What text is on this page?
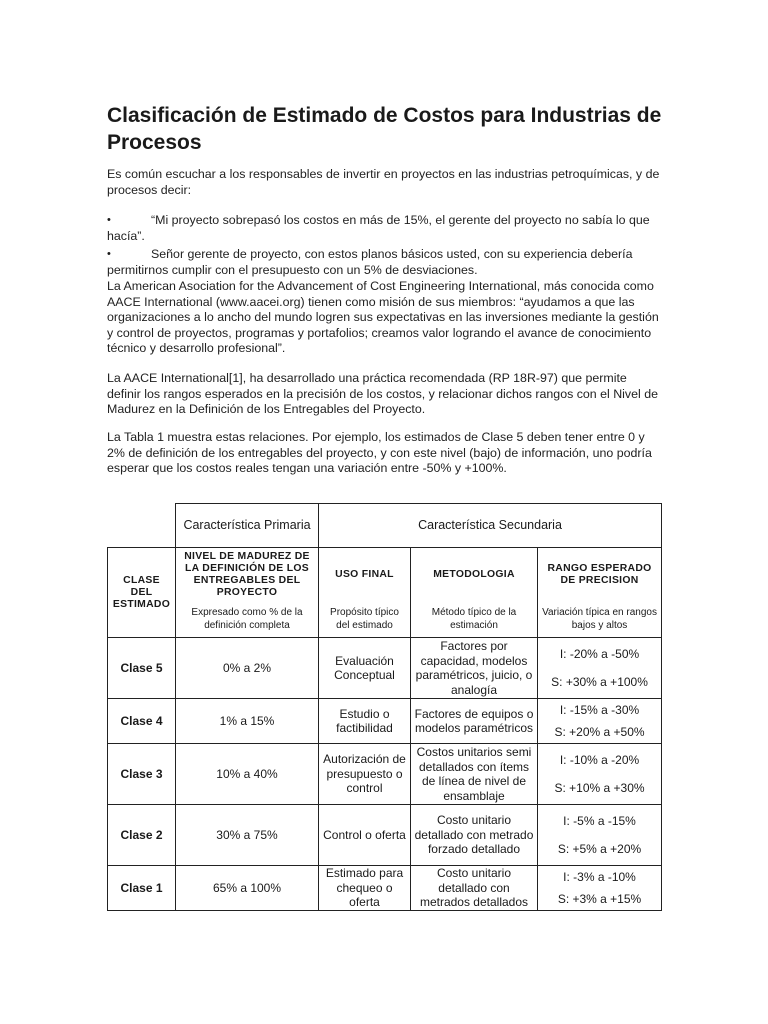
Clasificación de Estimado de Costos para Industrias de Procesos
Es común escuchar a los responsables de invertir en proyectos en las industrias petroquímicas, y de procesos decir:
•	“Mi proyecto sobrepasó los costos en más de 15%, el gerente del proyecto no sabía lo que hacía”.
•	Señor gerente de proyecto, con estos planos básicos usted, con su experiencia debería permitirnos cumplir con el presupuesto con un 5% de desviaciones.
La American Asociation for the Advancement of Cost Engineering International, más conocida como AACE International (www.aacei.org) tienen como misión de sus miembros: “ayudamos a que las organizaciones a lo ancho del mundo logren sus expectativas en las inversiones mediante la gestión y control de proyectos, programas y portafolios; creamos valor logrando el avance de conocimiento técnico y desarrollo profesional”.
La AACE International[1], ha desarrollado una práctica recomendada (RP 18R-97) que permite definir los rangos esperados en la precisión de los costos, y relacionar dichos rangos con el Nivel de Madurez en la Definición de los Entregables del Proyecto.
La Tabla 1 muestra estas relaciones. Por ejemplo, los estimados de Clase 5 deben tener entre 0 y 2% de definición de los entregables del proyecto, y con este nivel (bajo) de información, uno podría esperar que los costos reales tengan una variación entre -50% y +100%.
	Característica Primaria	Característica Secundaria		
CLASE DEL ESTIMADO	NIVEL DE MADUREZ DE LA DEFINICIÓN DE LOS ENTREGABLES DEL PROYECTO	USO FINAL	METODOLOGIA	RANGO ESPERADO DE PRECISION
	Expresado como % de la definición completa	Propósito típico del estimado	Método típico de la estimación	Variación típica en rangos bajos y altos
Clase 5	0% a 2%	Evaluación Conceptual	Factores por capacidad, modelos paramétricos, juicio, o analogía	I: -20% a -50%
S: +30% a +100%

Clase 4	1% a 15%	Estudio o factibilidad	Factores de equipos o modelos paramétricos	I: -15% a -30%
S: +20% a +50%

Clase 3	10% a 40%	Autorización de presupuesto o control	Costos unitarios semi detallados con ítems de línea de nivel de ensamblaje	I: -10% a -20%
S: +10% a +30%

Clase 2	30% a 75%	Control o oferta	Costo unitario detallado con metrado forzado detallado	I: -5% a -15%
S: +5% a +20%

Clase 1	65% a 100%	Estimado para chequeo o oferta	Costo unitario detallado con metrados detallados	I: -3% a -10%
S: +3% a +15%
